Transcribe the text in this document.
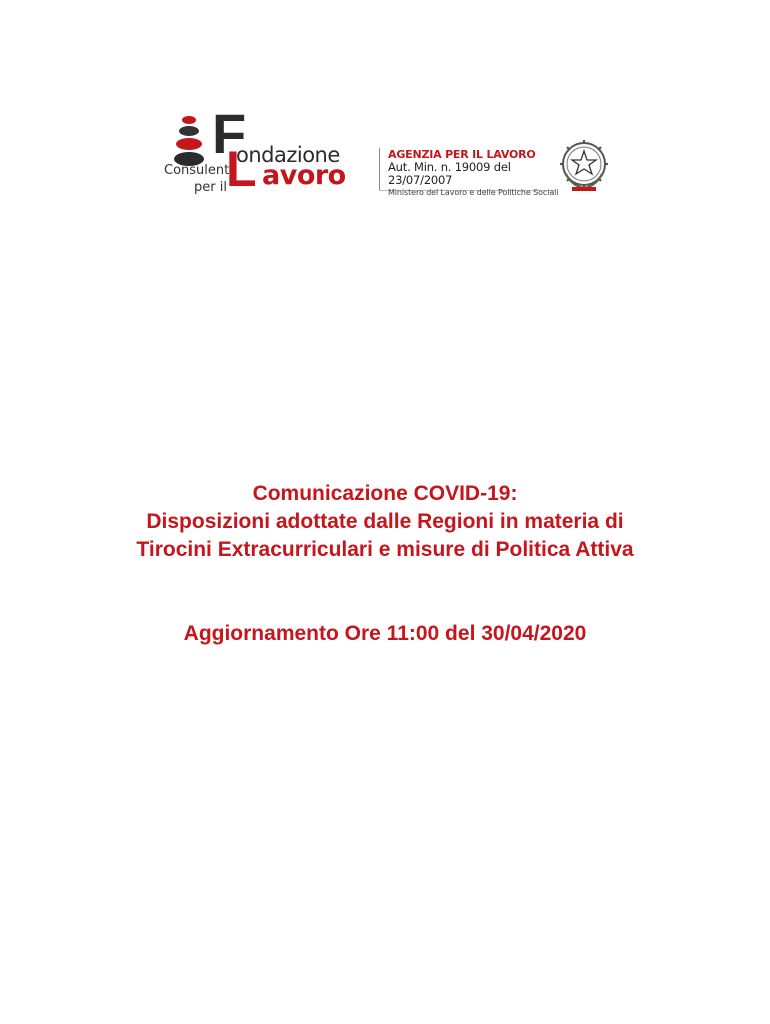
F
ondazione
Consulenti
per il L avoro
AGENZIA PER IL LAVORO
Aut. Min. n. 19009 del 23/07/2007
Ministero del Lavoro e delle Politiche Sociali
Comunicazione COVID-19:
Disposizioni adottate dalle Regioni in materia di
Tirocini Extracurriculari e misure di Politica Attiva
Aggiornamento Ore 11:00 del 30/04/2020
